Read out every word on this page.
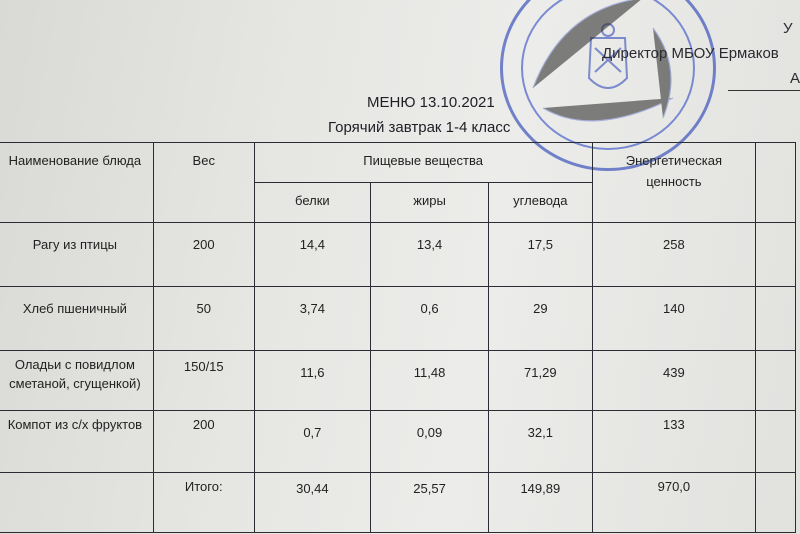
У
Директор МБОУ Ермаков
А
МЕНЮ 13.10.2021
Горячий завтрак 1-4 класс
Наименование блюда	Вес	Пищевые вещества			Энергетическая
ценность	

		белки	жиры	углевода		

Рагу из птицы	200	14,4	13,4	17,5	258	

Хлеб пшеничный	50	3,74	0,6	29	140	

Оладьи с повидлом
сметаной, сгущенкой)	150/15	11,6	11,48	71,29	439	

Компот из с/х фруктов	200	0,7	0,09	32,1	133	

	Итого:	30,44	25,57	149,89	970,0	
